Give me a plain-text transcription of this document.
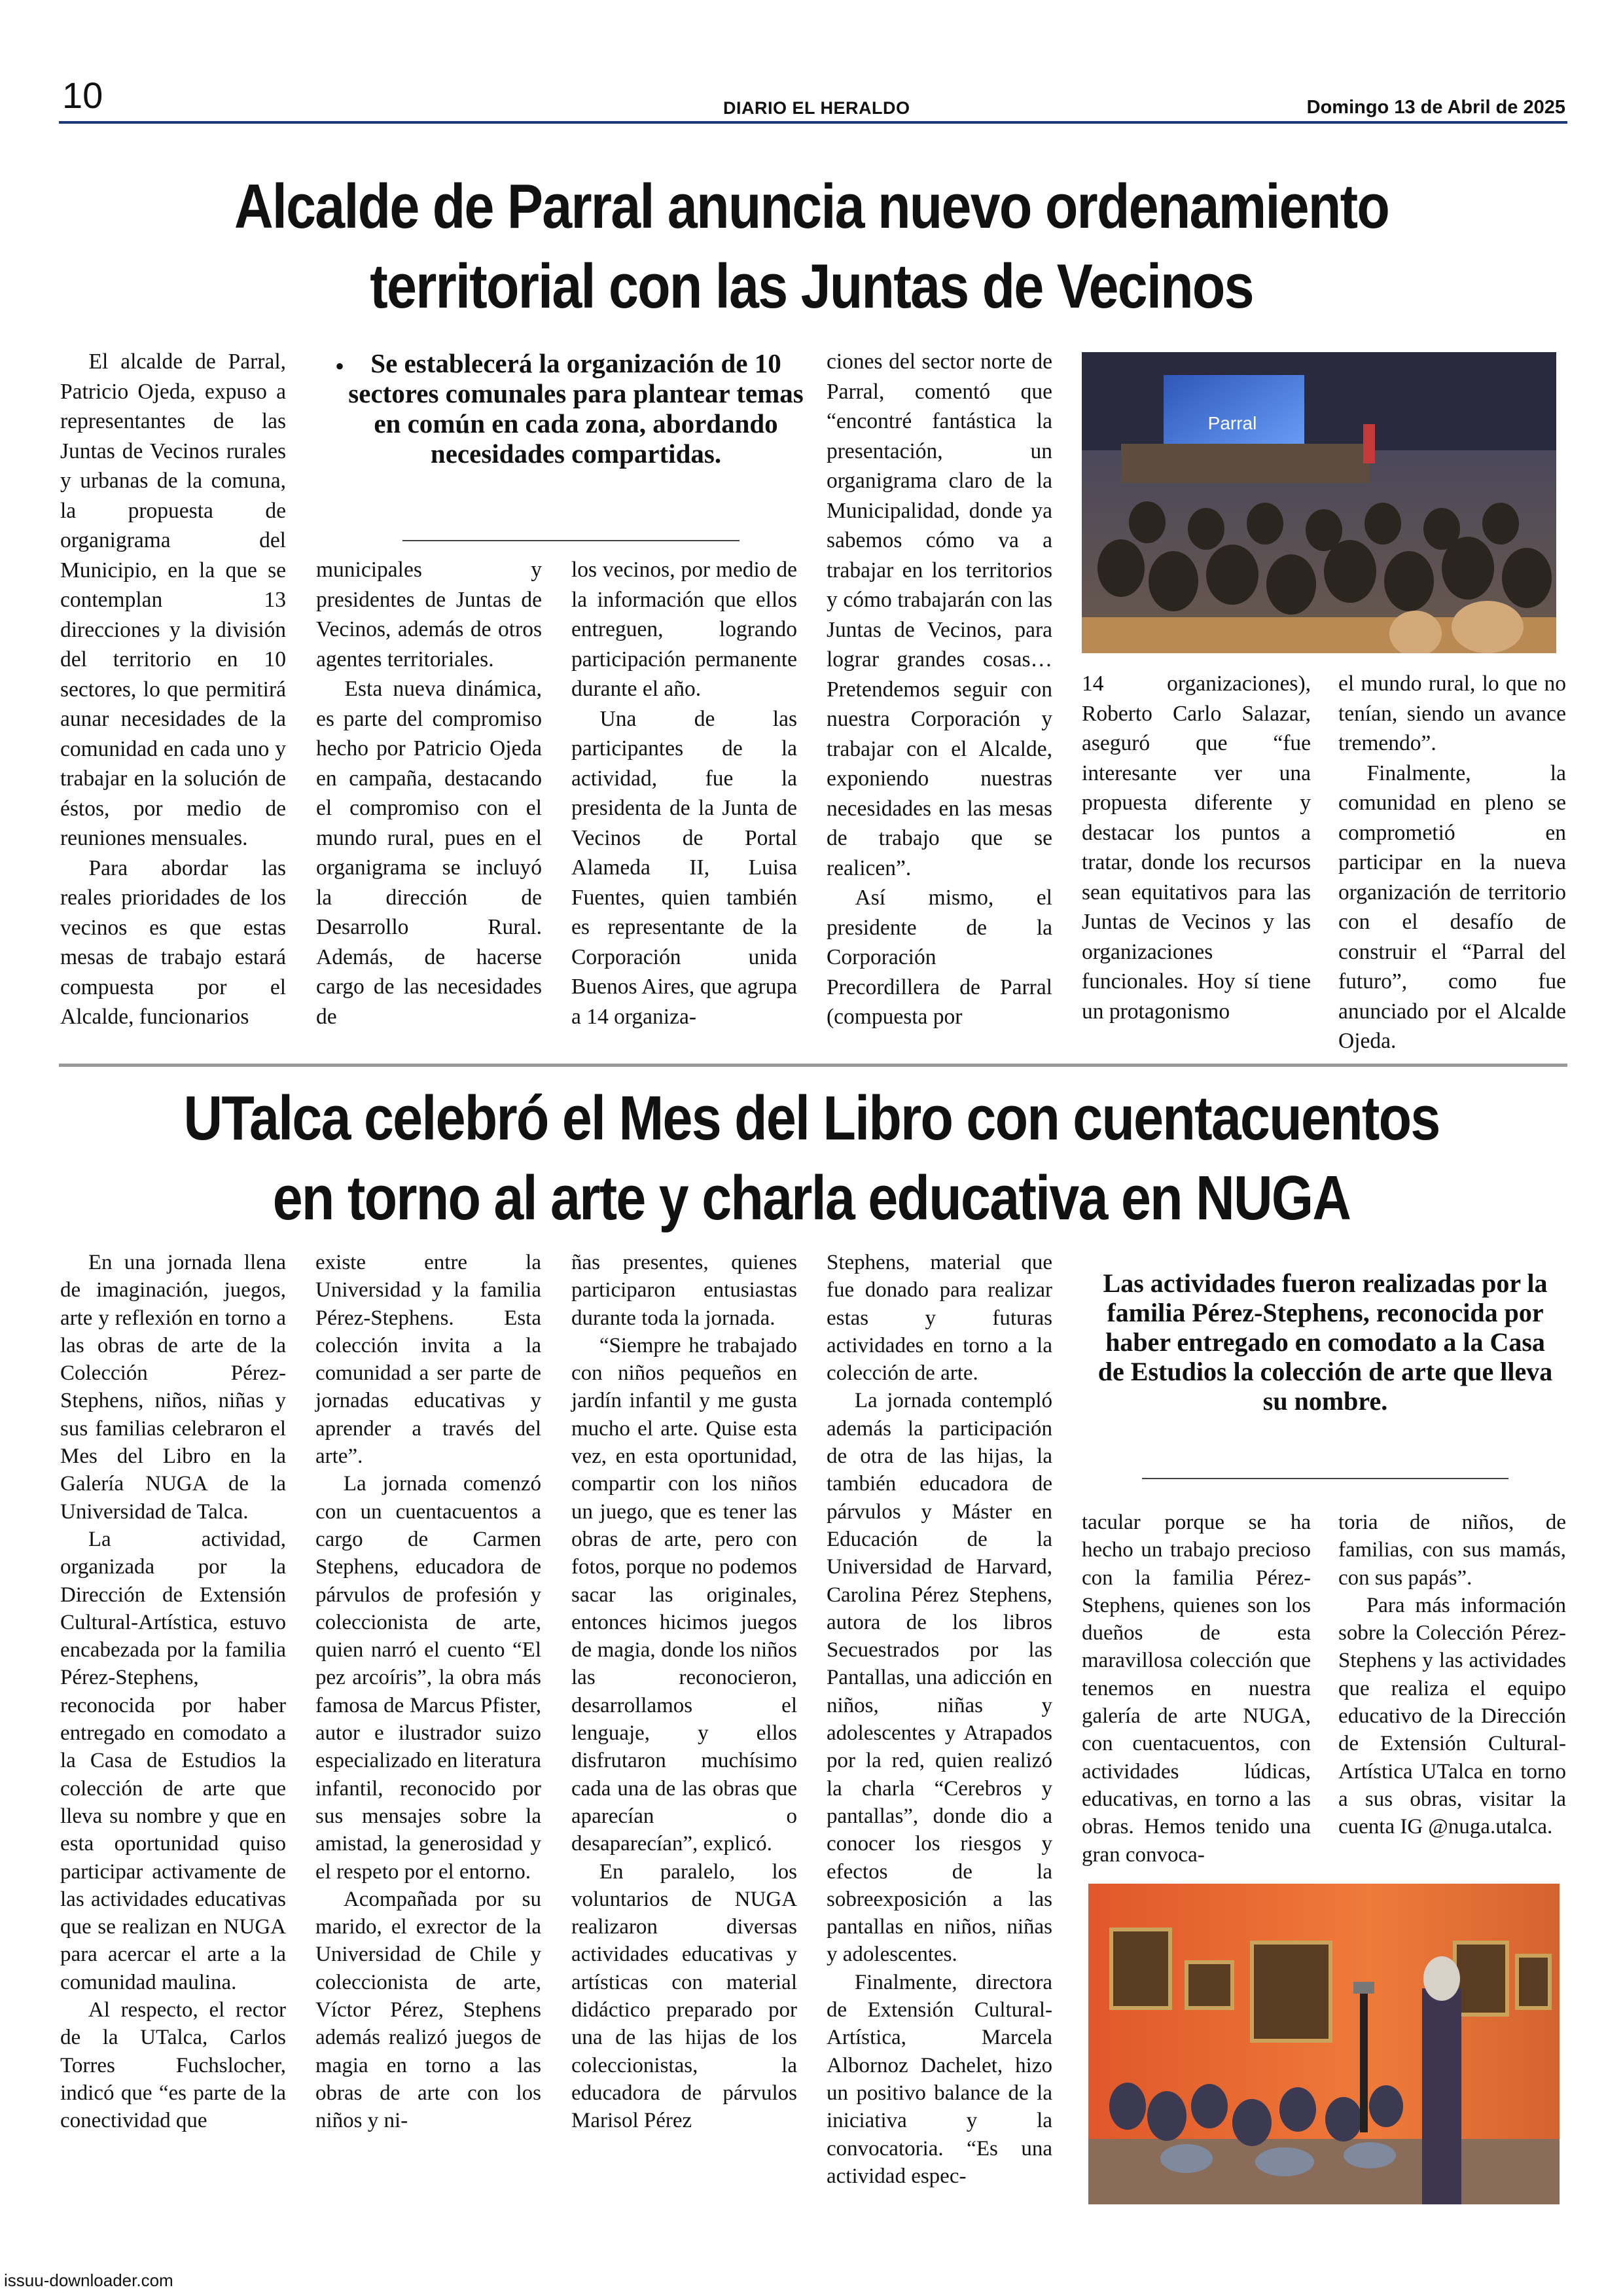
10	DIARIO EL HERALDO	Domingo 13 de Abril de 2025
Alcalde de Parral anuncia nuevo ordenamiento
territorial con las Juntas de Vecinos

El alcalde de Parral, Patricio Ojeda, expuso a representantes de las Juntas de Vecinos rurales y urbanas de la comuna, la propuesta de organigrama del Municipio, en la que se contemplan 13 direcciones y la división del territorio en 10 sectores, lo que permitirá aunar necesidades de la comunidad en cada uno y trabajar en la solución de éstos, por medio de reuniones mensuales.

Para abordar las reales prioridades de los vecinos es que estas mesas de trabajo estará compuesta por el Alcalde, funcionarios

• Se establecerá la organización de 10 sectores comunales para plantear temas en común en cada zona, abordando necesidades compartidas.

municipales y presidentes de Juntas de Vecinos, además de otros agentes territoriales.

Esta nueva dinámica, es parte del compromiso hecho por Patricio Ojeda en campaña, destacando el compromiso con el mundo rural, pues en el organigrama se incluyó la dirección de Desarrollo Rural. Además, de hacerse cargo de las necesidades de

los vecinos, por medio de la información que ellos entreguen, logrando participación permanente durante el año.

Una de las participantes de la actividad, fue la presidenta de la Junta de Vecinos de Portal Alameda II, Luisa Fuentes, quien también es representante de la Corporación unida Buenos Aires, que agrupa a 14 organiza-

ciones del sector norte de Parral, comentó que “encontré fantástica la presentación, un organigrama claro de la Municipalidad, donde ya sabemos cómo va a trabajar en los territorios y cómo trabajarán con las Juntas de Vecinos, para lograr grandes cosas… Pretendemos seguir con nuestra Corporación y trabajar con el Alcalde, exponiendo nuestras necesidades en las mesas de trabajo que se realicen”.

Así mismo, el presidente de la Corporación Precordillera de Parral (compuesta por

Parral

14 organizaciones), Roberto Carlo Salazar, aseguró que “fue interesante ver una propuesta diferente y destacar los puntos a tratar, donde los recursos sean equitativos para las Juntas de Vecinos y las organizaciones funcionales. Hoy sí tiene un protagonismo

el mundo rural, lo que no tenían, siendo un avance tremendo”.

Finalmente, la comunidad en pleno se comprometió en participar en la nueva organización de territorio con el desafío de construir el “Parral del futuro”, como fue anunciado por el Alcalde Ojeda.

UTalca celebró el Mes del Libro con cuentacuentos
en torno al arte y charla educativa en NUGA

En una jornada llena de imaginación, juegos, arte y reflexión en torno a las obras de arte de la Colección Pérez-Stephens, niños, niñas y sus familias celebraron el Mes del Libro en la Galería NUGA de la Universidad de Talca.

La actividad, organizada por la Dirección de Extensión Cultural-Artística, estuvo encabezada por la familia Pérez-Stephens, reconocida por haber entregado en comodato a la Casa de Estudios la colección de arte que lleva su nombre y que en esta oportunidad quiso participar activamente de las actividades educativas que se realizan en NUGA para acercar el arte a la comunidad maulina.

Al respecto, el rector de la UTalca, Carlos Torres Fuchslocher, indicó que “es parte de la conectividad que

existe entre la Universidad y la familia Pérez-Stephens. Esta colección invita a la comunidad a ser parte de jornadas educativas y aprender a través del arte”.

La jornada comenzó con un cuentacuentos a cargo de Carmen Stephens, educadora de párvulos de profesión y coleccionista de arte, quien narró el cuento “El pez arcoíris”, la obra más famosa de Marcus Pfister, autor e ilustrador suizo especializado en literatura infantil, reconocido por sus mensajes sobre la amistad, la generosidad y el respeto por el entorno.

Acompañada por su marido, el exrector de la Universidad de Chile y coleccionista de arte, Víctor Pérez, Stephens además realizó juegos de magia en torno a las obras de arte con los niños y ni-

ñas presentes, quienes participaron entusiastas durante toda la jornada.

“Siempre he trabajado con niños pequeños en jardín infantil y me gusta mucho el arte. Quise esta vez, en esta oportunidad, compartir con los niños un juego, que es tener las obras de arte, pero con fotos, porque no podemos sacar las originales, entonces hicimos juegos de magia, donde los niños las reconocieron, desarrollamos el lenguaje, y ellos disfrutaron muchísimo cada una de las obras que aparecían o desaparecían”, explicó.

En paralelo, los voluntarios de NUGA realizaron diversas actividades educativas y artísticas con material didáctico preparado por una de las hijas de los coleccionistas, la educadora de párvulos Marisol Pérez

Stephens, material que fue donado para realizar estas y futuras actividades en torno a la colección de arte.

La jornada contempló además la participación de otra de las hijas, la también educadora de párvulos y Máster en Educación de la Universidad de Harvard, Carolina Pérez Stephens, autora de los libros Secuestrados por las Pantallas, una adicción en niños, niñas y adolescentes y Atrapados por la red, quien realizó la charla “Cerebros y pantallas”, donde dio a conocer los riesgos y efectos de la sobreexposición a las pantallas en niños, niñas y adolescentes.

Finalmente, directora de Extensión Cultural-Artística, Marcela Albornoz Dachelet, hizo un positivo balance de la iniciativa y la convocatoria. “Es una actividad espec-

Las actividades fueron realizadas por la familia Pérez-Stephens, reconocida por haber entregado en comodato a la Casa de Estudios la colección de arte que lleva su nombre.

tacular porque se ha hecho un trabajo precioso con la familia Pérez-Stephens, quienes son los dueños de esta maravillosa colección que tenemos en nuestra galería de arte NUGA, con cuentacuentos, con actividades lúdicas, educativas, en torno a las obras. Hemos tenido una gran convoca-

toria de niños, de familias, con sus mamás, con sus papás”.

Para más información sobre la Colección Pérez-Stephens y las actividades que realiza el equipo educativo de la Dirección de Extensión Cultural-Artística UTalca en torno a sus obras, visitar la cuenta IG @nuga.utalca.

issuu-downloader.com
